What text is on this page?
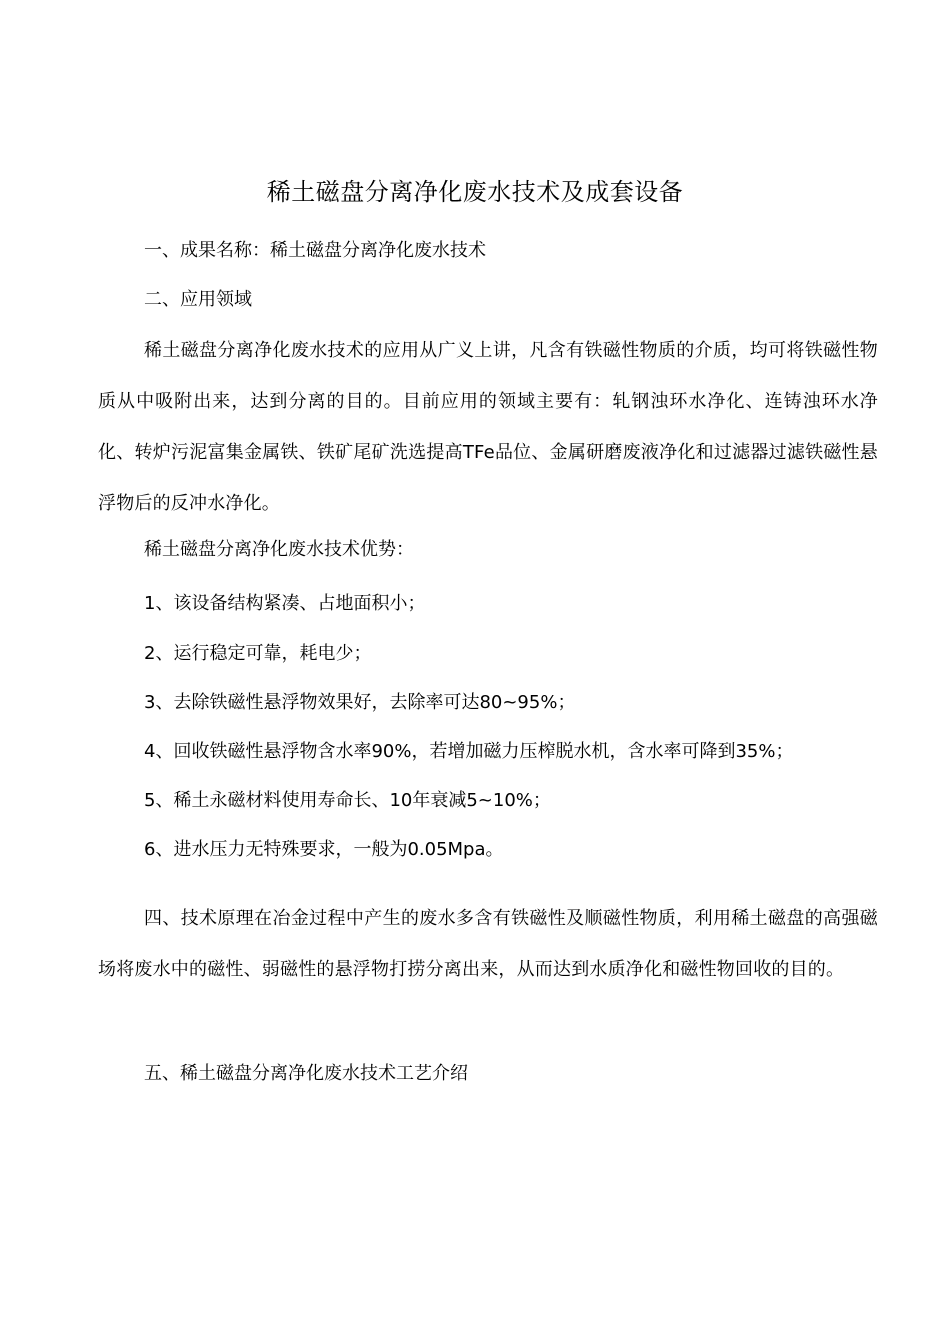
稀土磁盘分离净化废水技术及成套设备
一、成果名称：稀土磁盘分离净化废水技术
二、应用领域
稀土磁盘分离净化废水技术的应用从广义上讲，凡含有铁磁性物质的介质，均可将铁磁性物质从中吸附出来，达到分离的目的。目前应用的领域主要有：轧钢浊环水净化、连铸浊环水净化、转炉污泥富集金属铁、铁矿尾矿洗选提高TFe品位、金属研磨废液净化和过滤器过滤铁磁性悬浮物后的反冲水净化。
稀土磁盘分离净化废水技术优势：
1、该设备结构紧凑、占地面积小；
2、运行稳定可靠，耗电少；
3、去除铁磁性悬浮物效果好，去除率可达80~95%；
4、回收铁磁性悬浮物含水率90%，若增加磁力压榨脱水机，含水率可降到35%；
5、稀土永磁材料使用寿命长、10年衰减5~10%；
6、进水压力无特殊要求，一般为0.05Mpa。
四、技术原理在冶金过程中产生的废水多含有铁磁性及顺磁性物质，利用稀土磁盘的高强磁场将废水中的磁性、弱磁性的悬浮物打捞分离出来，从而达到水质净化和磁性物回收的目的。
五、稀土磁盘分离净化废水技术工艺介绍
